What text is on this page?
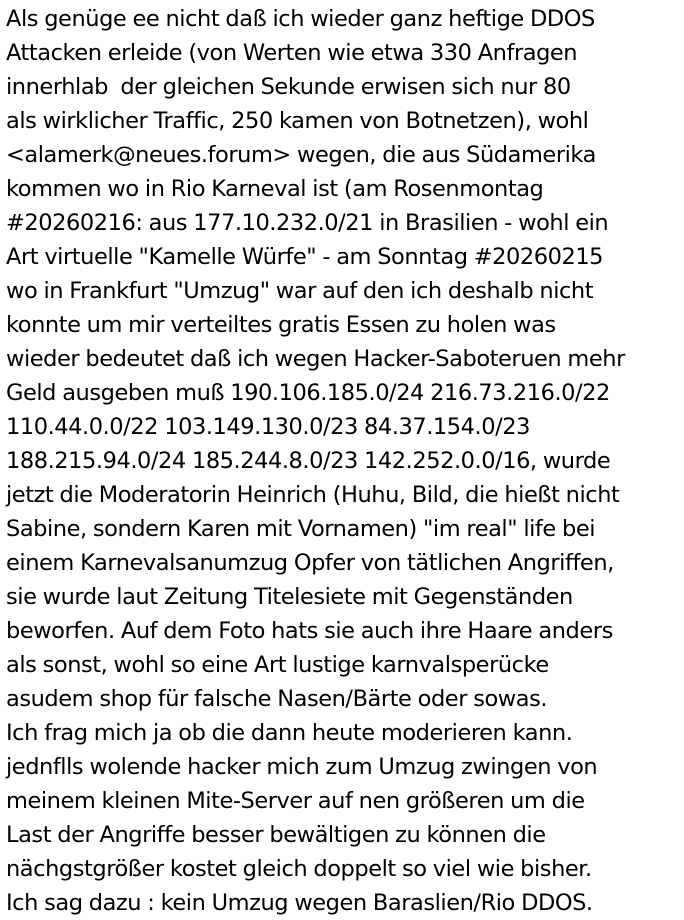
Als genüge ee nicht daß ich wieder ganz heftige DDOS
Attacken erleide (von Werten wie etwa 330 Anfragen
innerhlab  der gleichen Sekunde erwisen sich nur 80
als wirklicher Traffic, 250 kamen von Botnetzen), wohl
<alamerk@neues.forum> wegen, die aus Südamerika
kommen wo in Rio Karneval ist (am Rosenmontag
#20260216: aus 177.10.232.0/21 in Brasilien - wohl ein
Art virtuelle "Kamelle Würfe" - am Sonntag #20260215
wo in Frankfurt "Umzug" war auf den ich deshalb nicht
konnte um mir verteiltes gratis Essen zu holen was
wieder bedeutet daß ich wegen Hacker-Saboteruen mehr
Geld ausgeben muß 190.106.185.0/24 216.73.216.0/22
110.44.0.0/22 103.149.130.0/23 84.37.154.0/23
188.215.94.0/24 185.244.8.0/23 142.252.0.0/16, wurde
jetzt die Moderatorin Heinrich (Huhu, Bild, die hießt nicht
Sabine, sondern Karen mit Vornamen) "im real" life bei
einem Karnevalsanumzug Opfer von tätlichen Angriffen,
sie wurde laut Zeitung Titelesiete mit Gegenständen
beworfen. Auf dem Foto hats sie auch ihre Haare anders
als sonst, wohl so eine Art lustige karnvalsperücke
asudem shop für falsche Nasen/Bärte oder sowas.
Ich frag mich ja ob die dann heute moderieren kann.
jednflls wolende hacker mich zum Umzug zwingen von
meinem kleinen Mite-Server auf nen größeren um die
Last der Angriffe besser bewältigen zu können die
nächgstgrößer kostet gleich doppelt so viel wie bisher.
Ich sag dazu : kein Umzug wegen Baraslien/Rio DDOS.
